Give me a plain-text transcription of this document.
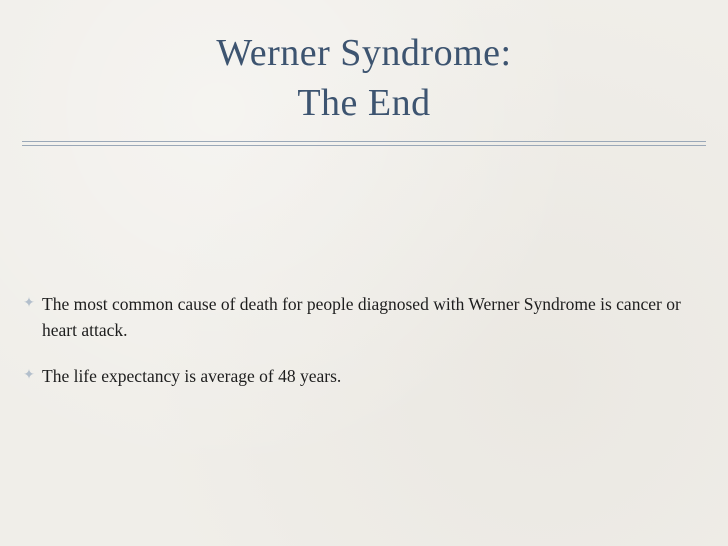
Werner Syndrome:
The End
✦ The most common cause of death for people diagnosed with Werner Syndrome is cancer or heart attack.
✦ The life expectancy is average of 48 years.
